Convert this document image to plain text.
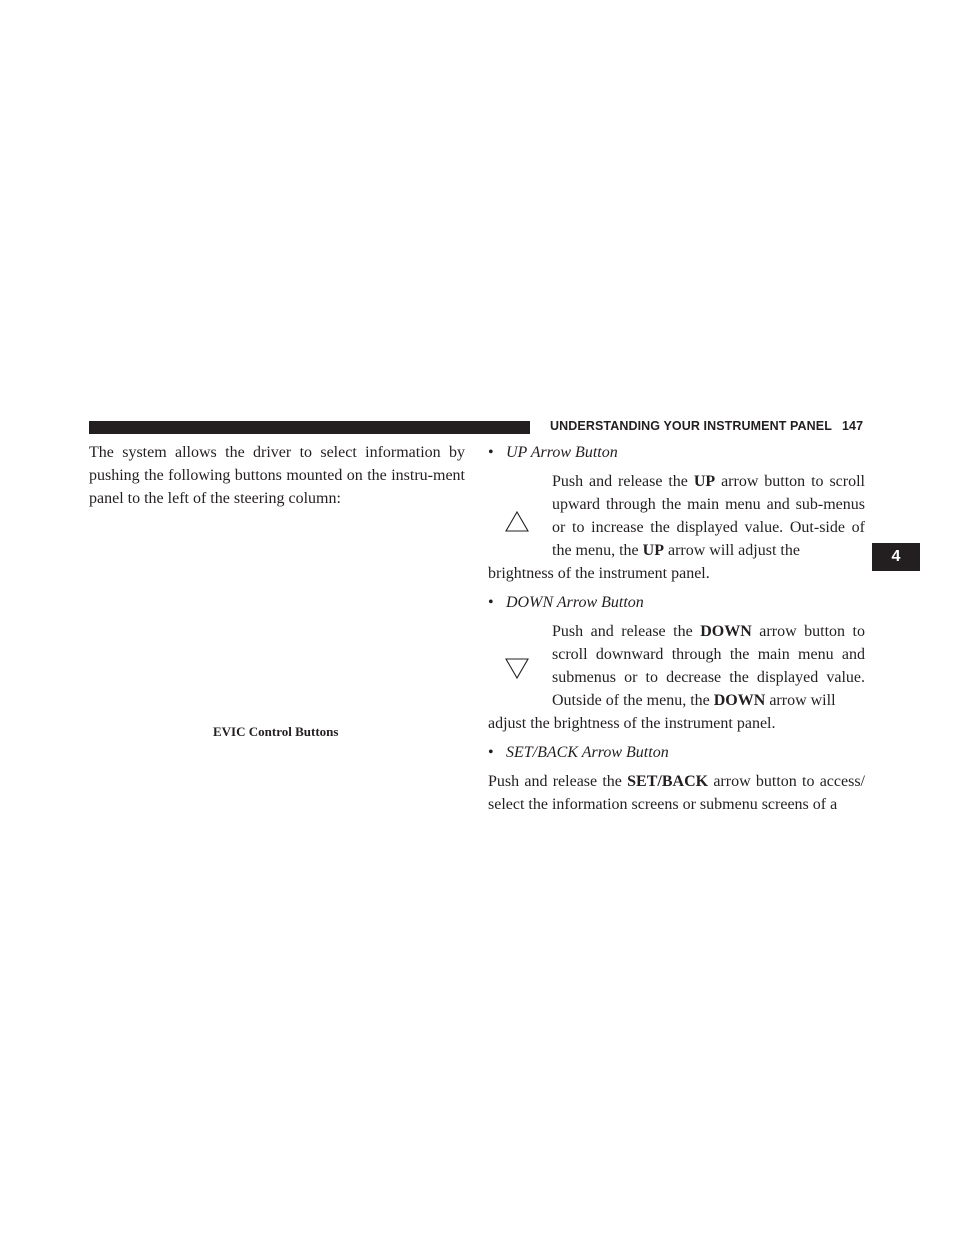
UNDERSTANDING YOUR INSTRUMENT PANEL 147
4

The system allows the driver to select information by pushing the following buttons mounted on the instru-ment panel to the left of the steering column:

EVIC Control Buttons
• UP Arrow Button

Push and release the UP arrow button to scroll upward through the main menu and sub-menus or to increase the displayed value. Out-side of the menu, the UP arrow will adjust the

brightness of the instrument panel.

• DOWN Arrow Button

Push and release the DOWN arrow button to scroll downward through the main menu and submenus or to decrease the displayed value. Outside of the menu, the DOWN arrow will

adjust the brightness of the instrument panel.

• SET/BACK Arrow Button

Push and release the SET/BACK arrow button to access/ select the information screens or submenu screens of a
